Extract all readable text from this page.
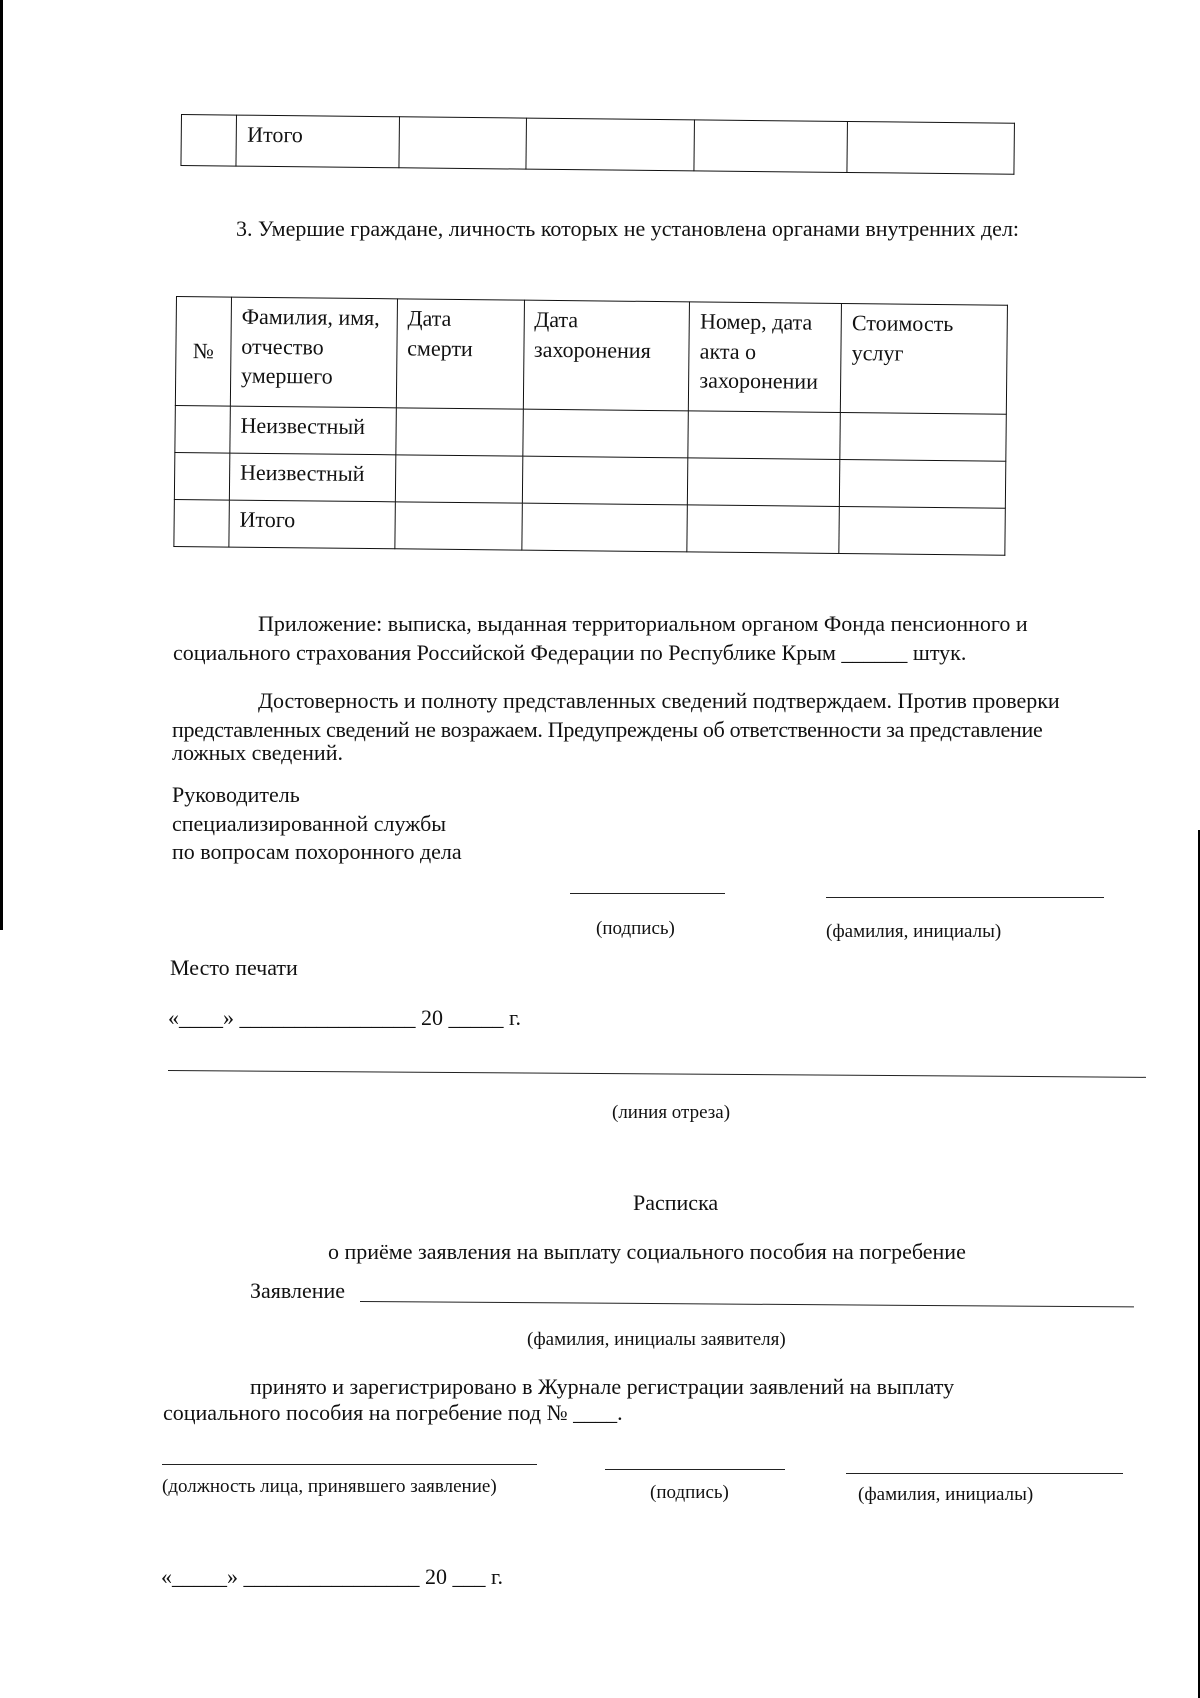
	Итого				
3. Умершие граждане, личность которых не установлена органами внутренних дел:
№	Фамилия, имя, отчество умершего	Дата смерти	Дата захоронения	Номер, дата акта о захоронении	Стоимость услуг
	Неизвестный				
	Неизвестный				
	Итого				
Приложение: выписка, выданная территориальном органом Фонда пенсионного и
социального страхования Российской Федерации по Республике Крым ______ штук.
Достоверность и полноту представленных сведений подтверждаем. Против проверки
представленных сведений не возражаем. Предупреждены об ответственности за представление
ложных сведений.
Руководитель
специализированной службы
по вопросам похоронного дела
(подпись)	(фамилия, инициалы)
Место печати
«____» ________________ 20 _____ г.
(линия отреза)
Расписка
о приёме заявления на выплату социального пособия на погребение
Заявление
(фамилия, инициалы заявителя)
принято и зарегистрировано в Журнале регистрации заявлений на выплату
социального пособия на погребение под № ____.
(должность лица, принявшего заявление)	(подпись)	(фамилия, инициалы)
«_____» ________________ 20 ___ г.
